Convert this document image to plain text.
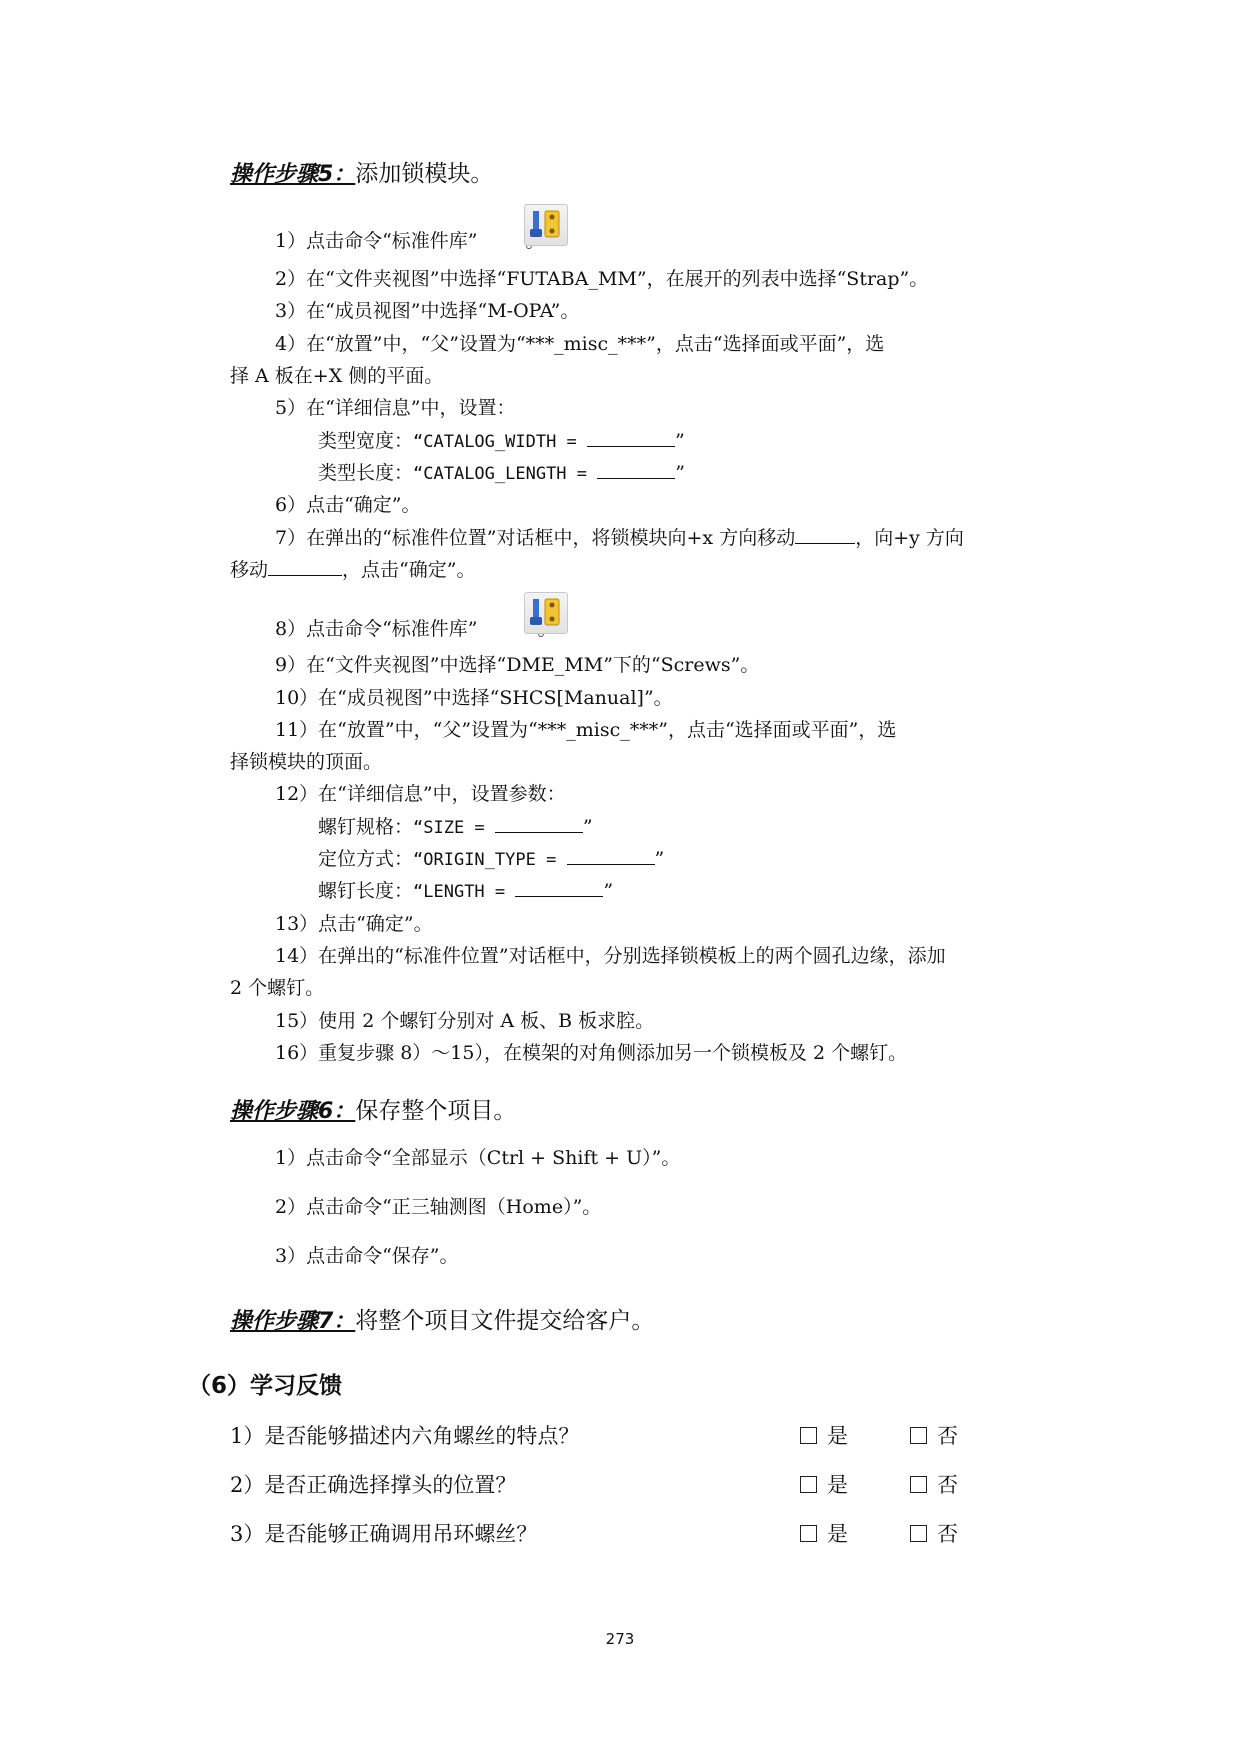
操作步骤5：添加锁模块。
1）点击命令“标准件库”
2）在“文件夹视图”中选择“FUTABA_MM”，在展开的列表中选择“Strap”。
3）在“成员视图”中选择“M-OPA”。
4）在“放置”中，“父”设置为“***_misc_***”，点击“选择面或平面”，选
择 A 板在+X 侧的平面。
5）在“详细信息”中，设置：
类型宽度：“CATALOG_WIDTH =	”
类型长度：“CATALOG_LENGTH =	”
6）点击“确定”。
7）在弹出的“标准件位置”对话框中，将锁模块向+x 方向移动	，向+y 方向
移动	，点击“确定”。
8）点击命令“标准件库”
9）在“文件夹视图”中选择“DME_MM”下的“Screws”。
10）在“成员视图”中选择“SHCS[Manual]”。
11）在“放置”中，“父”设置为“***_misc_***”，点击“选择面或平面”，选
择锁模块的顶面。
12）在“详细信息”中，设置参数：
螺钉规格：“SIZE =	”
定位方式：“ORIGIN_TYPE =	”
螺钉长度：“LENGTH =	”
13）点击“确定”。
14）在弹出的“标准件位置”对话框中，分别选择锁模板上的两个圆孔边缘，添加
2 个螺钉。
15）使用 2 个螺钉分别对 A 板、B 板求腔。
16）重复步骤 8）～15），在模架的对角侧添加另一个锁模板及 2 个螺钉。
操作步骤6：保存整个项目。
1）点击命令“全部显示（Ctrl + Shift + U）”。
2）点击命令“正三轴测图（Home）”。
3）点击命令“保存”。
操作步骤7：将整个项目文件提交给客户。
（6）学习反馈
1）是否能够描述内六角螺丝的特点？	是	否
2）是否正确选择撑头的位置？	是	否
3）是否能够正确调用吊环螺丝？	是	否
273
